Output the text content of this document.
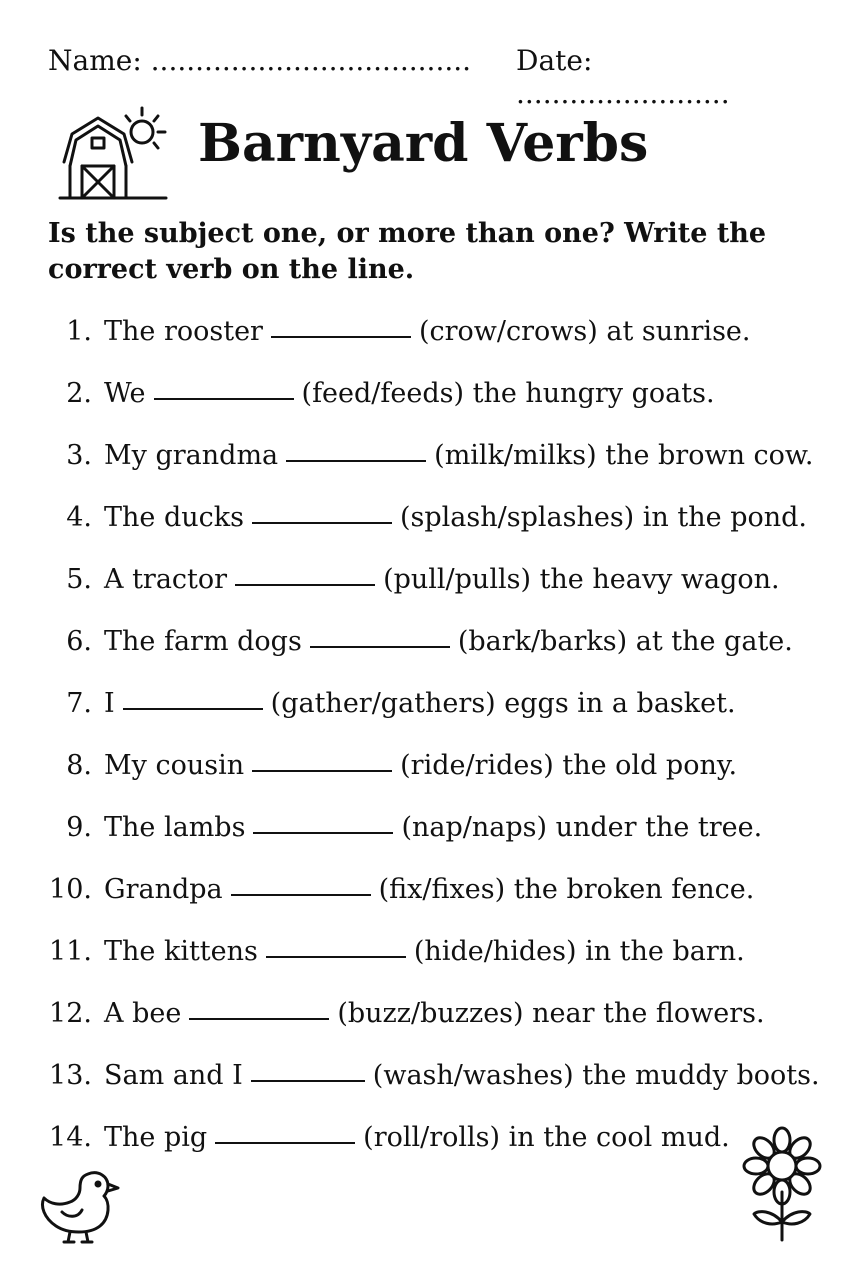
Name: .................................... Date: ........................
Barnyard Verbs
Is the subject one, or more than one? Write the correct verb on the line.
1. The rooster	(crow/crows) at sunrise.
2. We	(feed/feeds) the hungry goats.
3. My grandma	(milk/milks) the brown cow.
4. The ducks	(splash/splashes) in the pond.
5. A tractor	(pull/pulls) the heavy wagon.
6. The farm dogs	(bark/barks) at the gate.
7. I	(gather/gathers) eggs in a basket.
8. My cousin	(ride/rides) the old pony.
9. The lambs	(nap/naps) under the tree.
10. Grandpa	(fix/fixes) the broken fence.
11. The kittens	(hide/hides) in the barn.
12. A bee	(buzz/buzzes) near the flowers.
13. Sam and I	(wash/washes) the muddy boots.
14. The pig	(roll/rolls) in the cool mud.
